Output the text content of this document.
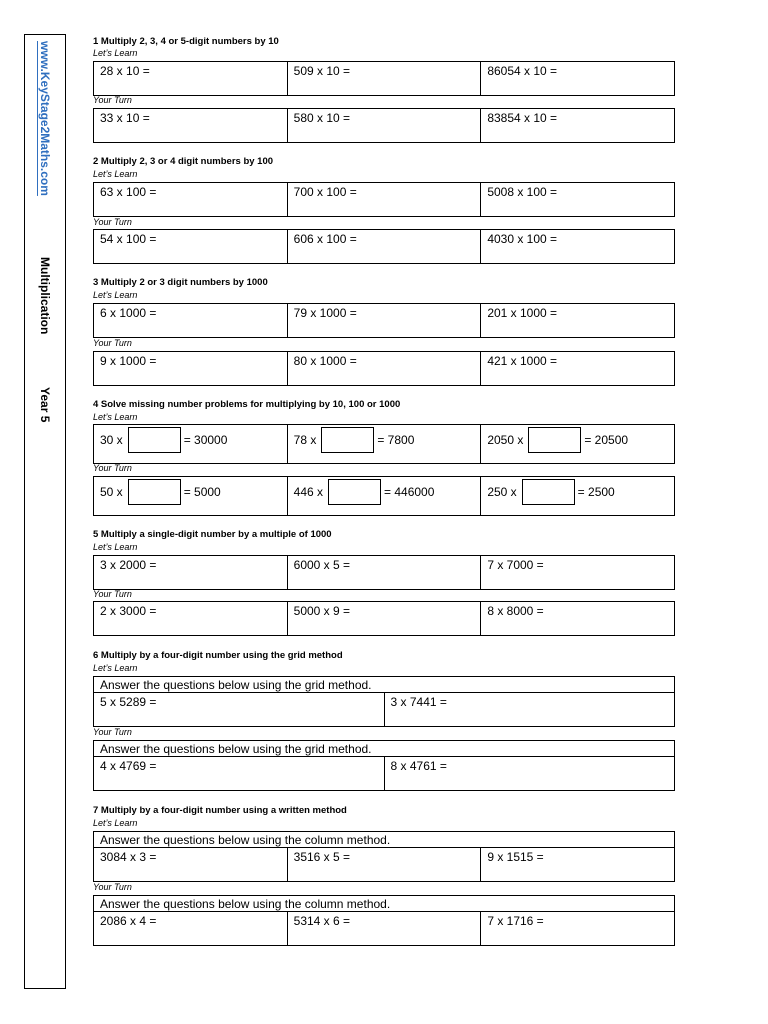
www.KeyStage2Maths.com
Multiplication
Year 5
1 Multiply 2, 3, 4 or 5-digit numbers by 10
Let’s Learn
28 x 10 =	509 x 10 =	86054 x 10 =
Your Turn
33 x 10 =	580 x 10 =	83854 x 10 =
2 Multiply 2, 3 or 4 digit numbers by 100
Let’s Learn
63 x 100 =	700 x 100 =	5008 x 100 =
Your Turn
54 x 100 =	606 x 100 =	4030 x 100 =
3 Multiply 2 or 3 digit numbers by 1000
Let’s Learn
6 x 1000 =	79 x 1000 =	201 x 1000 =
Your Turn
9 x 1000 =	80 x 1000 =	421 x 1000 =
4 Solve missing number problems for multiplying by 10, 100 or 1000
Let’s Learn
30 x	= 30000	78 x	= 7800	2050 x	= 20500
Your Turn
50 x	= 5000	446 x	= 446000	250 x	= 2500
5 Multiply a single-digit number by a multiple of 1000
Let’s Learn
3 x 2000 =	6000 x 5 =	7 x 7000 =
Your Turn
2 x 3000 =	5000 x 9 =	8 x 8000 =
6 Multiply by a four-digit number using the grid method
Let’s Learn
Answer the questions below using the grid method.
5 x 5289 =	3 x 7441 =
Your Turn
Answer the questions below using the grid method.
4 x 4769 =	8 x 4761 =
7 Multiply by a four-digit number using a written method
Let’s Learn
Answer the questions below using the column method.
3084 x 3 =	3516 x 5 =	9 x 1515 =
Your Turn
Answer the questions below using the column method.
2086 x 4 =	5314 x 6 =	7 x 1716 =
